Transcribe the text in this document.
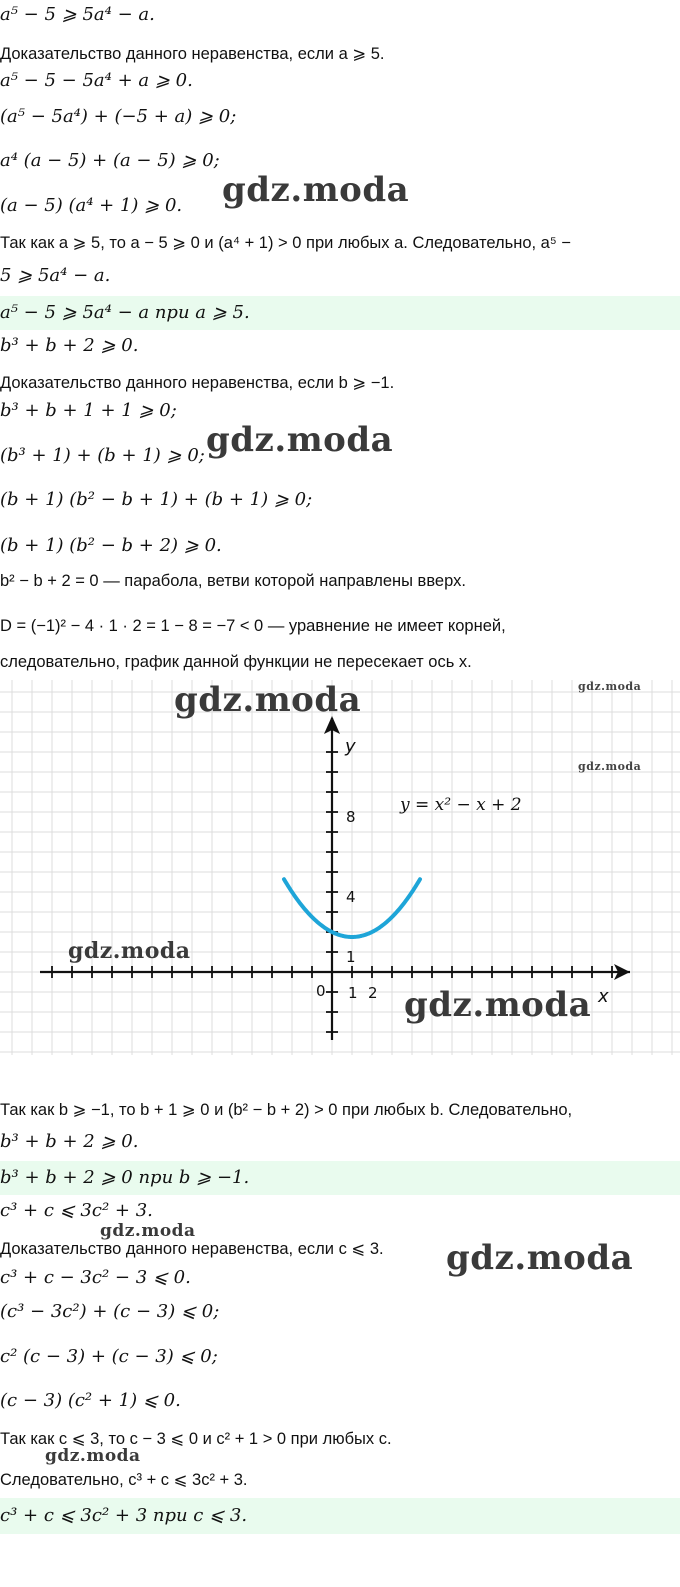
a⁵ − 5 ⩾ 5a⁴ − a.
Доказательство данного неравенства, если a ⩾ 5.
a⁵ − 5 − 5a⁴ + a ⩾ 0.
(a⁵ − 5a⁴) + (−5 + a) ⩾ 0;
a⁴ (a − 5) + (a − 5) ⩾ 0;
(a − 5) (a⁴ + 1) ⩾ 0.
Так как a ⩾ 5, то a − 5 ⩾ 0 и (a⁴ + 1) > 0 при любых a. Следовательно, a⁵ −
5 ⩾ 5a⁴ − a.
a⁵ − 5 ⩾ 5a⁴ − a при a ⩾ 5.
b³ + b + 2 ⩾ 0.
Доказательство данного неравенства, если b ⩾ −1.
b³ + b + 1 + 1 ⩾ 0;
(b³ + 1) + (b + 1) ⩾ 0;
(b + 1) (b² − b + 1) + (b + 1) ⩾ 0;
(b + 1) (b² − b + 2) ⩾ 0.
b² − b + 2 = 0 — парабола, ветви которой направлены вверх.
D = (−1)² − 4 · 1 · 2 = 1 − 8 = −7 < 0 — уравнение не имеет корней,
следовательно, график данной функции не пересекает ось x.
y
x
0 1 2
1
4
8
y = x² − x + 2
Так как b ⩾ −1, то b + 1 ⩾ 0 и (b² − b + 2) > 0 при любых b. Следовательно,
b³ + b + 2 ⩾ 0.
b³ + b + 2 ⩾ 0 при b ⩾ −1.
c³ + c ⩽ 3c² + 3.
Доказательство данного неравенства, если c ⩽ 3.
c³ + c − 3c² − 3 ⩽ 0.
(c³ − 3c²) + (c − 3) ⩽ 0;
c² (c − 3) + (c − 3) ⩽ 0;
(c − 3) (c² + 1) ⩽ 0.
Так как c ⩽ 3, то c − 3 ⩽ 0 и c² + 1 > 0 при любых c.
Следовательно, c³ + c ⩽ 3c² + 3.
c³ + c ⩽ 3c² + 3 при c ⩽ 3.
gdz.moda
gdz.moda
gdz.moda	gdz.moda
gdz.moda
gdz.moda
gdz.moda
gdz.moda
gdz.moda
gdz.moda
